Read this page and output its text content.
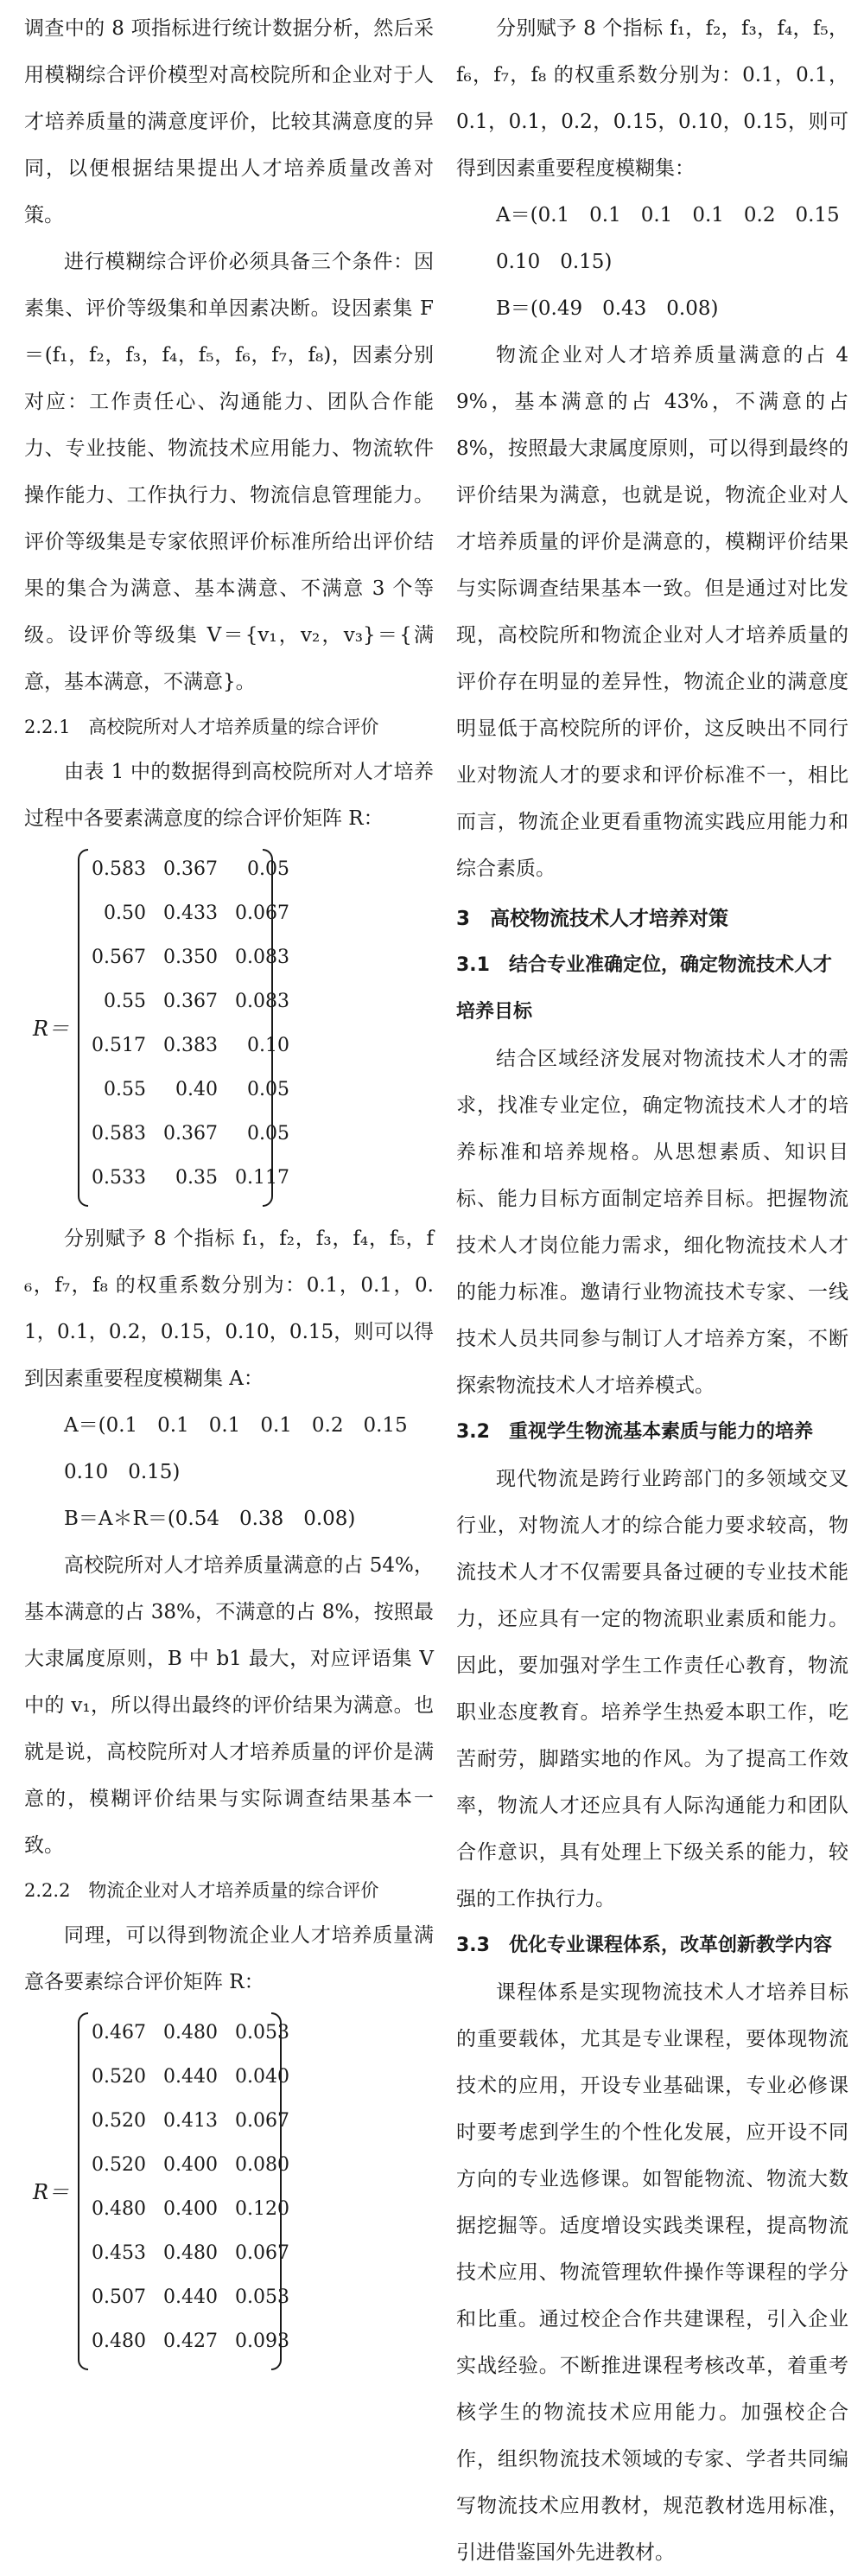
调查中的 8 项指标进行统计数据分析，然后采用模糊综合评价模型对高校院所和企业对于人才培养质量的满意度评价，比较其满意度的异同，以便根据结果提出人才培养质量改善对策。

进行模糊综合评价必须具备三个条件：因素集、评价等级集和单因素决断。设因素集 F＝(f₁，f₂，f₃，f₄，f₅，f₆，f₇，f₈)，因素分别对应：工作责任心、沟通能力、团队合作能力、专业技能、物流技术应用能力、物流软件操作能力、工作执行力、物流信息管理能力。评价等级集是专家依照评价标准所给出评价结果的集合为满意、基本满意、不满意 3 个等级。设评价等级集 V＝{v₁，v₂，v₃}＝{满意，基本满意，不满意}。

2.2.1　高校院所对人才培养质量的综合评价

由表 1 中的数据得到高校院所对人才培养过程中各要素满意度的综合评价矩阵 R：

R＝
0.583	0.367	0.05
0.50	0.433	0.067
0.567	0.350	0.083
0.55	0.367	0.083
0.517	0.383	0.10
0.55	0.40	0.05
0.583	0.367	0.05
0.533	0.35	0.117

分别赋予 8 个指标 f₁，f₂，f₃，f₄，f₅，f₆，f₇，f₈ 的权重系数分别为：0.1，0.1，0.1，0.1，0.2，0.15，0.10，0.15，则可以得到因素重要程度模糊集 A：

A＝(0.1　0.1　0.1　0.1　0.2　0.15　0.10　0.15)

B＝A＊R＝(0.54　0.38　0.08)

高校院所对人才培养质量满意的占 54%，基本满意的占 38%，不满意的占 8%，按照最大隶属度原则，B 中 b1 最大，对应评语集 V 中的 v₁，所以得出最终的评价结果为满意。也就是说，高校院所对人才培养质量的评价是满意的，模糊评价结果与实际调查结果基本一致。

2.2.2　物流企业对人才培养质量的综合评价

同理，可以得到物流企业人才培养质量满意各要素综合评价矩阵 R：

R＝
0.467	0.480	0.053
0.520	0.440	0.040
0.520	0.413	0.067
0.520	0.400	0.080
0.480	0.400	0.120
0.453	0.480	0.067
0.507	0.440	0.053
0.480	0.427	0.093

分别赋予 8 个指标 f₁，f₂，f₃，f₄，f₅，f₆，f₇，f₈ 的权重系数分别为：0.1，0.1，0.1，0.1，0.2，0.15，0.10，0.15，则可得到因素重要程度模糊集：

A＝(0.1　0.1　0.1　0.1　0.2　0.15　0.10　0.15)

B＝(0.49　0.43　0.08)

物流企业对人才培养质量满意的占 49%，基本满意的占 43%，不满意的占 8%，按照最大隶属度原则，可以得到最终的评价结果为满意，也就是说，物流企业对人才培养质量的评价是满意的，模糊评价结果与实际调查结果基本一致。但是通过对比发现，高校院所和物流企业对人才培养质量的评价存在明显的差异性，物流企业的满意度明显低于高校院所的评价，这反映出不同行业对物流人才的要求和评价标准不一，相比而言，物流企业更看重物流实践应用能力和综合素质。

3　高校物流技术人才培养对策

3.1　结合专业准确定位，确定物流技术人才培养目标

结合区域经济发展对物流技术人才的需求，找准专业定位，确定物流技术人才的培养标准和培养规格。从思想素质、知识目标、能力目标方面制定培养目标。把握物流技术人才岗位能力需求，细化物流技术人才的能力标准。邀请行业物流技术专家、一线技术人员共同参与制订人才培养方案，不断探索物流技术人才培养模式。

3.2　重视学生物流基本素质与能力的培养

现代物流是跨行业跨部门的多领域交叉行业，对物流人才的综合能力要求较高，物流技术人才不仅需要具备过硬的专业技术能力，还应具有一定的物流职业素质和能力。因此，要加强对学生工作责任心教育，物流职业态度教育。培养学生热爱本职工作，吃苦耐劳，脚踏实地的作风。为了提高工作效率，物流人才还应具有人际沟通能力和团队合作意识，具有处理上下级关系的能力，较强的工作执行力。

3.3　优化专业课程体系，改革创新教学内容

课程体系是实现物流技术人才培养目标的重要载体，尤其是专业课程，要体现物流技术的应用，开设专业基础课，专业必修课时要考虑到学生的个性化发展，应开设不同方向的专业选修课。如智能物流、物流大数据挖掘等。适度增设实践类课程，提高物流技术应用、物流管理软件操作等课程的学分和比重。通过校企合作共建课程，引入企业实战经验。不断推进课程考核改革，着重考核学生的物流技术应用能力。加强校企合作，组织物流技术领域的专家、学者共同编写物流技术应用教材，规范教材选用标准，引进借鉴国外先进教材。
